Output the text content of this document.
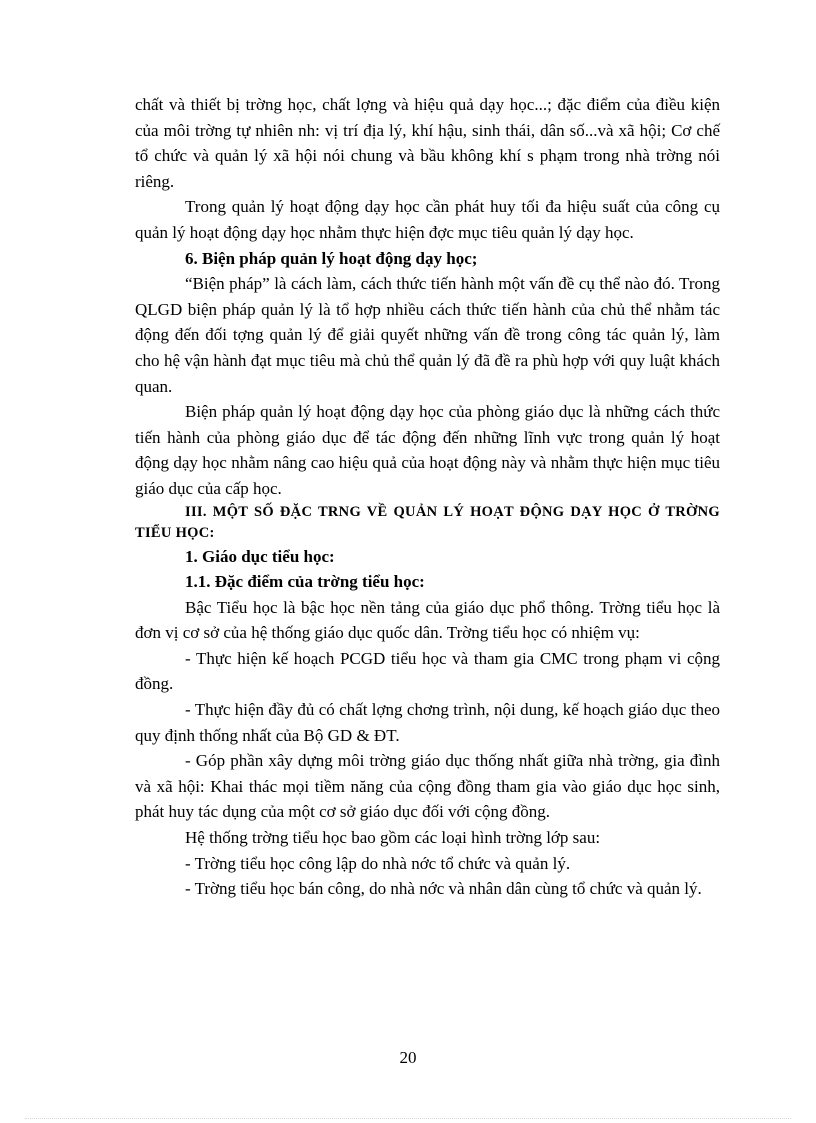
chất và thiết bị trờng học, chất lợng và hiệu quả dạy học...; đặc điểm của điều kiện của môi trờng tự nhiên nh: vị trí địa lý, khí hậu, sinh thái, dân số...và xã hội; Cơ chế tổ chức và quản lý xã hội nói chung và bầu không khí s phạm trong nhà trờng nói riêng.

Trong quản lý hoạt động dạy học cần phát huy tối đa hiệu suất của công cụ quản lý hoạt động dạy học nhằm thực hiện đợc mục tiêu quản lý dạy học.

6. Biện pháp quản lý hoạt động dạy học;

“Biện pháp” là cách làm, cách thức tiến hành một vấn đề cụ thể nào đó. Trong QLGD biện pháp quản lý là tổ hợp nhiều cách thức tiến hành của chủ thể nhằm tác động đến đối tợng quản lý để giải quyết những vấn đề trong công tác quản lý, làm cho hệ vận hành đạt mục tiêu mà chủ thể quản lý đã đề ra phù hợp với quy luật khách quan.

Biện pháp quản lý hoạt động dạy học của phòng giáo dục là những cách thức tiến hành của phòng giáo dục để tác động đến những lĩnh vực trong quản lý hoạt động dạy học nhằm nâng cao hiệu quả của hoạt động này và nhằm thực hiện mục tiêu giáo dục của cấp học.

III. MỘT SỐ ĐẶC TRNG VỀ QUẢN LÝ HOẠT ĐỘNG DẠY HỌC Ở TRỜNG TIỂU HỌC:

1. Giáo dục tiểu học:

1.1. Đặc điểm của trờng tiểu học:

Bậc Tiểu học là bậc học nền tảng của giáo dục phổ thông. Trờng tiểu học là đơn vị cơ sở của hệ thống giáo dục quốc dân. Trờng tiểu học có nhiệm vụ:

- Thực hiện kế hoạch PCGD tiểu học và tham gia CMC trong phạm vi cộng đồng.

- Thực hiện đầy đủ có chất lợng chơng trình, nội dung, kế hoạch giáo dục theo quy định thống nhất của Bộ GD & ĐT.

- Góp phần xây dựng môi trờng giáo dục thống nhất giữa nhà trờng, gia đình và xã hội: Khai thác mọi tiềm năng của cộng đồng tham gia vào giáo dục học sinh, phát huy tác dụng của một cơ sở giáo dục đối với cộng đồng.

Hệ thống trờng tiểu học bao gồm các loại hình trờng lớp sau:

- Trờng tiểu học công lập do nhà nớc tổ chức và quản lý.

- Trờng tiểu học bán công, do nhà nớc và nhân dân cùng tổ chức và quản lý.

20
